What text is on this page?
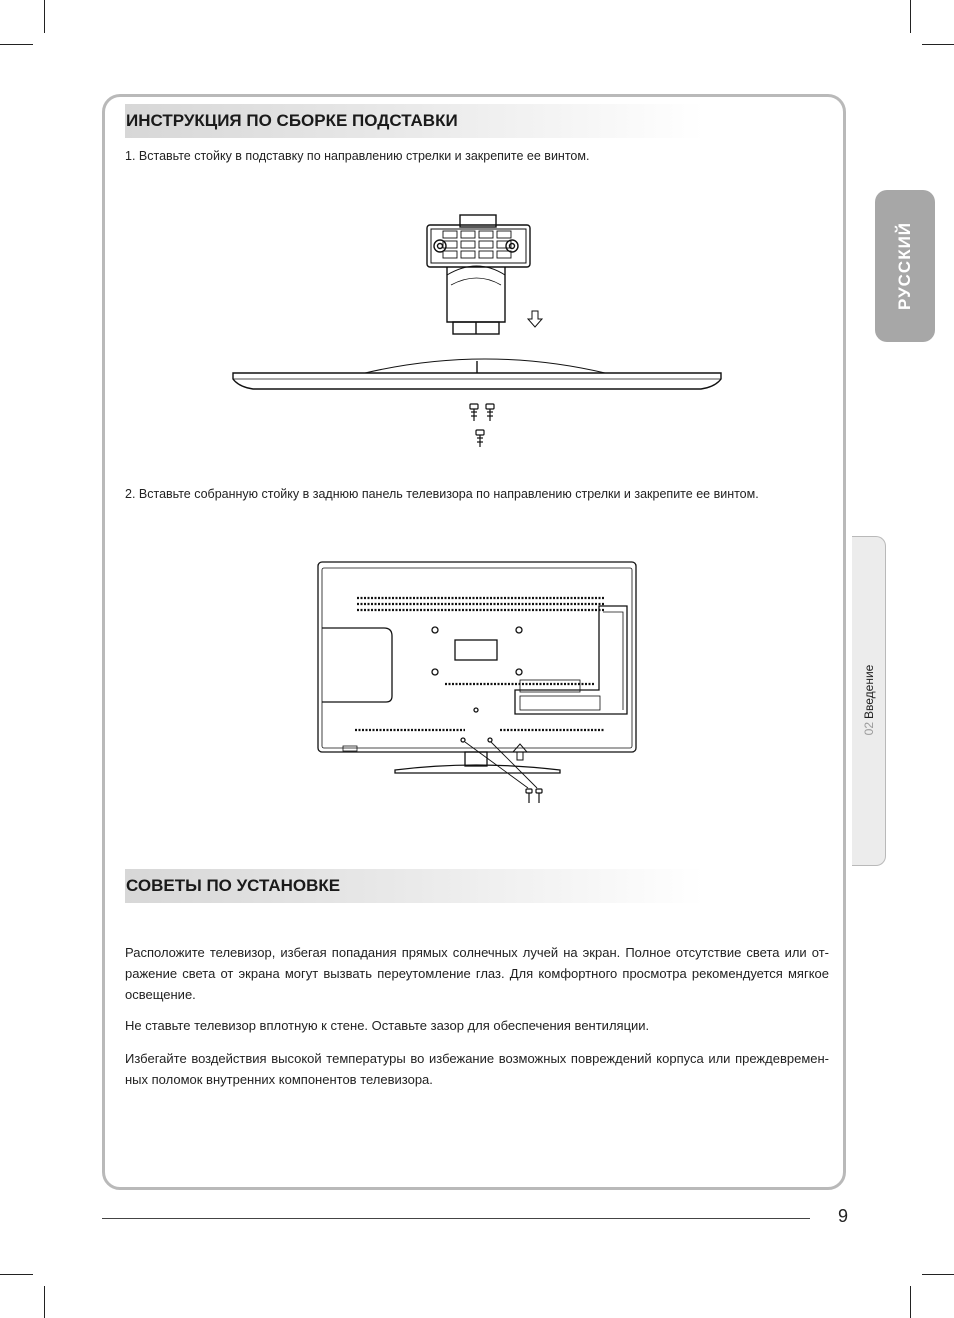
РУССКИЙ
02Введение
ИНСТРУКЦИЯ ПО СБОРКЕ ПОДСТАВКИ
1. Вставьте стойку в подставку по направлению стрелки и закрепите ее винтом.
2. Вставьте собранную стойку в заднюю панель телевизора по направлению стрелки и закрепите ее винтом.
СОВЕТЫ ПО УСТАНОВКЕ

Расположите телевизор, избегая попадания прямых солнечных лучей на экран. Полное отсутствие света или от-ражение света от экрана могут вызвать переутомление глаз. Для комфортного просмотра рекомендуется мягкое освещение.

Не ставьте телевизор вплотную к стене. Оставьте зазор для обеспечения вентиляции.

Избегайте воздействия высокой температуры во избежание возможных повреждений корпуса или преждевремен-ных поломок внутренних компонентов телевизора.

9
